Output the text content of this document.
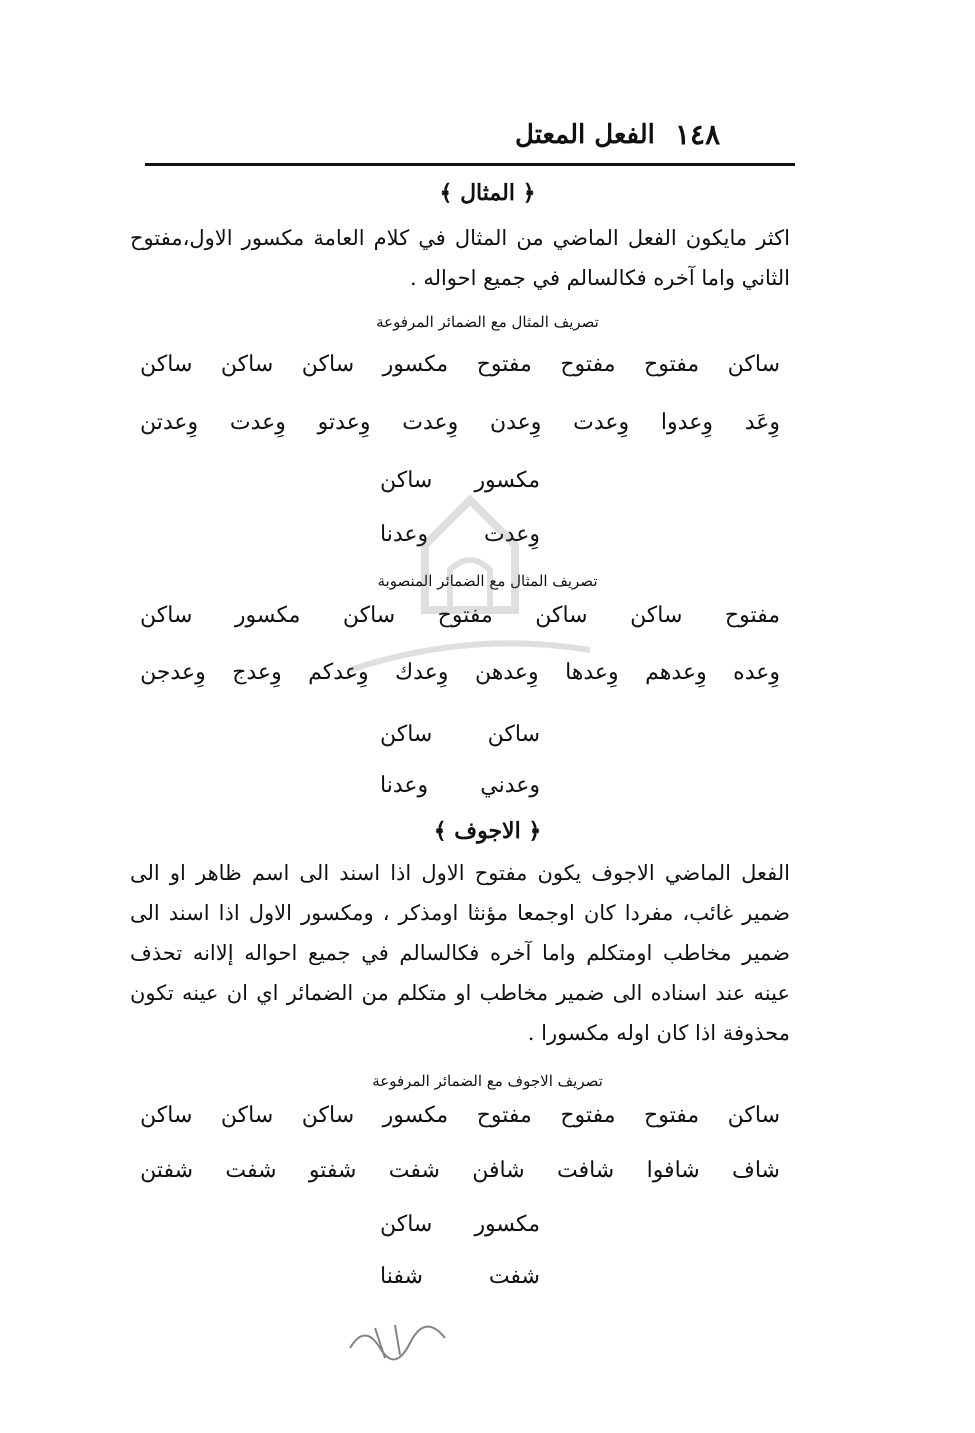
١٤٨
الفعل المعتل
﴿ المثال ﴾
اكثر مايكون الفعل الماضي من المثال في كلام العامة مكسور الاول،مفتوح الثاني واما آخره فكالسالم في جميع احواله .
تصريف المثال مع الضمائر المرفوعة
ساكن
مفتوح
مفتوح
مفتوح
مكسور
ساكن
ساكن
ساكن
وِعَد
وِعدوا
وِعدت
وِعدن
وِعدت
وِعدتو
وِعدت
وِعدتن
مكسور
ساكن
وِعدت
وعدنا
تصريف المثال مع الضمائر المنصوبة
مفتوح
ساكن
ساكن
مفتوح
ساكن
مكسور
ساكن
وِعده
وِعدهم
وِعدها
وِعدهن
وِعدك
وِعدكم
وِعدج
وِعدجن
ساكن
ساكن
وعدني
وعدنا
﴿ الاجوف ﴾
الفعل الماضي الاجوف يكون مفتوح الاول اذا اسند الى اسم ظاهر او الى ضمير غائب، مفردا كان اوجمعا مؤنثا اومذكر ، ومكسور الاول اذا اسند الى ضمير مخاطب اومتكلم واما آخره فكالسالم في جميع احواله إلاانه تحذف عينه عند اسناده الى ضمير مخاطب او متكلم من الضمائر اي ان عينه تكون محذوفة اذا كان اوله مكسورا .
تصريف الاجوف مع الضمائر المرفوعة
ساكن
مفتوح
مفتوح
مفتوح
مكسور
ساكن
ساكن
ساكن
شاف
شافوا
شافت
شافن
شفت
شفتو
شفت
شفتن
مكسور
ساكن
شفت
شفنا
